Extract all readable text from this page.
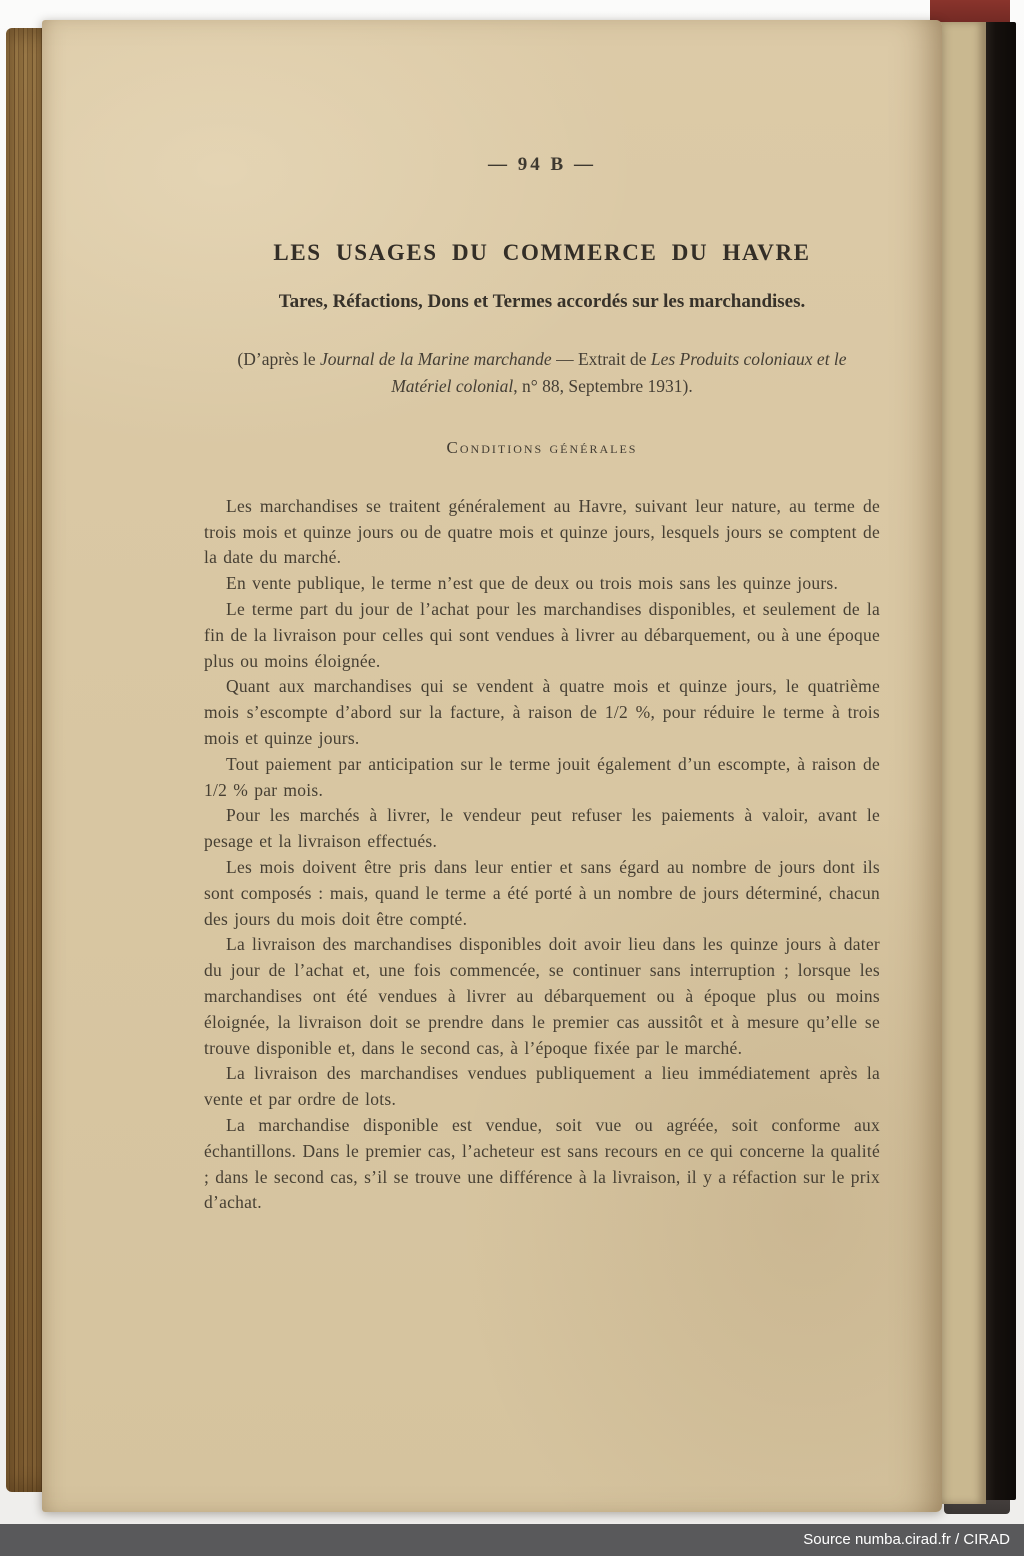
— 94 B —
LES USAGES DU COMMERCE DU HAVRE
Tares, Réfactions, Dons et Termes accordés sur les marchandises.
(D’après le Journal de la Marine marchande — Extrait de Les Produits coloniaux et le Matériel colonial, n° 88, Septembre 1931).
Conditions générales

Les marchandises se traitent généralement au Havre, suivant leur nature, au terme de trois mois et quinze jours ou de quatre mois et quinze jours, lesquels jours se comptent de la date du marché.

En vente publique, le terme n’est que de deux ou trois mois sans les quinze jours.

Le terme part du jour de l’achat pour les marchandises disponibles, et seulement de la fin de la livraison pour celles qui sont vendues à livrer au débarquement, ou à une époque plus ou moins éloignée.

Quant aux marchandises qui se vendent à quatre mois et quinze jours, le quatrième mois s’escompte d’abord sur la facture, à raison de 1/2 %, pour réduire le terme à trois mois et quinze jours.

Tout paiement par anticipation sur le terme jouit également d’un escompte, à raison de 1/2 % par mois.

Pour les marchés à livrer, le vendeur peut refuser les paiements à valoir, avant le pesage et la livraison effectués.

Les mois doivent être pris dans leur entier et sans égard au nombre de jours dont ils sont composés : mais, quand le terme a été porté à un nombre de jours déterminé, chacun des jours du mois doit être compté.

La livraison des marchandises disponibles doit avoir lieu dans les quinze jours à dater du jour de l’achat et, une fois commencée, se continuer sans interruption ; lorsque les marchandises ont été vendues à livrer au débarquement ou à époque plus ou moins éloignée, la livraison doit se prendre dans le premier cas aussitôt et à mesure qu’elle se trouve disponible et, dans le second cas, à l’époque fixée par le marché.

La livraison des marchandises vendues publiquement a lieu immédiatement après la vente et par ordre de lots.

La marchandise disponible est vendue, soit vue ou agréée, soit conforme aux échantillons. Dans le premier cas, l’acheteur est sans recours en ce qui concerne la qualité ; dans le second cas, s’il se trouve une différence à la livraison, il y a réfaction sur le prix d’achat.

Source numba.cirad.fr / CIRAD
